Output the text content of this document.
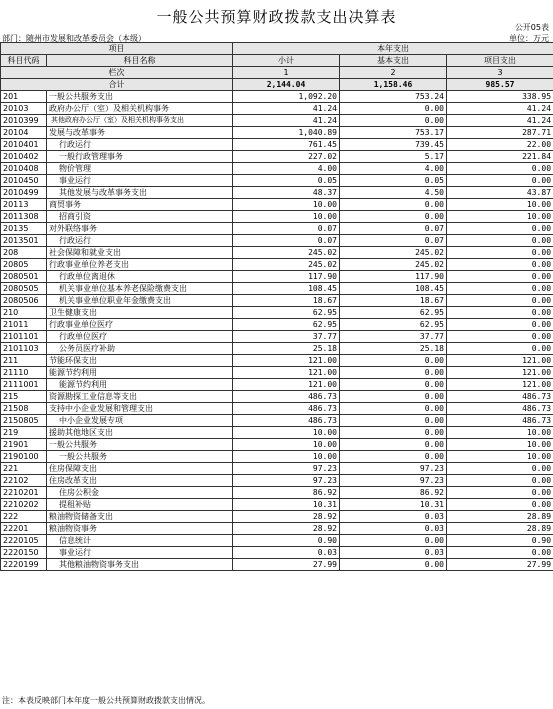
一般公共预算财政拨款支出决算表
公开05表
部门：随州市发展和改革委员会（本级）	单位：万元
项目		本年支出		
科目代码	科目名称	小计	基本支出	项目支出
栏次		1	2	3
合计		2,144.04	1,158.46	985.57
201	一般公共服务支出	1,092.20	753.24	338.95
20103	政府办公厅（室）及相关机构事务	41.24	0.00	41.24
2010399	其他政府办公厅（室）及相关机构事务支出	41.24	0.00	41.24
20104	发展与改革事务	1,040.89	753.17	287.71
2010401	行政运行	761.45	739.45	22.00
2010402	一般行政管理事务	227.02	5.17	221.84
2010408	物价管理	4.00	4.00	0.00
2010450	事业运行	0.05	0.05	0.00
2010499	其他发展与改革事务支出	48.37	4.50	43.87
20113	商贸事务	10.00	0.00	10.00
2011308	招商引资	10.00	0.00	10.00
20135	对外联络事务	0.07	0.07	0.00
2013501	行政运行	0.07	0.07	0.00
208	社会保障和就业支出	245.02	245.02	0.00
20805	行政事业单位养老支出	245.02	245.02	0.00
2080501	行政单位离退休	117.90	117.90	0.00
2080505	机关事业单位基本养老保险缴费支出	108.45	108.45	0.00
2080506	机关事业单位职业年金缴费支出	18.67	18.67	0.00
210	卫生健康支出	62.95	62.95	0.00
21011	行政事业单位医疗	62.95	62.95	0.00
2101101	行政单位医疗	37.77	37.77	0.00
2101103	公务员医疗补助	25.18	25.18	0.00
211	节能环保支出	121.00	0.00	121.00
21110	能源节约利用	121.00	0.00	121.00
2111001	能源节约利用	121.00	0.00	121.00
215	资源勘探工业信息等支出	486.73	0.00	486.73
21508	支持中小企业发展和管理支出	486.73	0.00	486.73
2150805	中小企业发展专项	486.73	0.00	486.73
219	援助其他地区支出	10.00	0.00	10.00
21901	一般公共服务	10.00	0.00	10.00
2190100	一般公共服务	10.00	0.00	10.00
221	住房保障支出	97.23	97.23	0.00
22102	住房改革支出	97.23	97.23	0.00
2210201	住房公积金	86.92	86.92	0.00
2210202	提租补贴	10.31	10.31	0.00
222	粮油物资储备支出	28.92	0.03	28.89
22201	粮油物资事务	28.92	0.03	28.89
2220105	信息统计	0.90	0.00	0.90
2220150	事业运行	0.03	0.03	0.00
2220199	其他粮油物资事务支出	27.99	0.00	27.99
注：本表反映部门本年度一般公共预算财政拨款支出情况。
